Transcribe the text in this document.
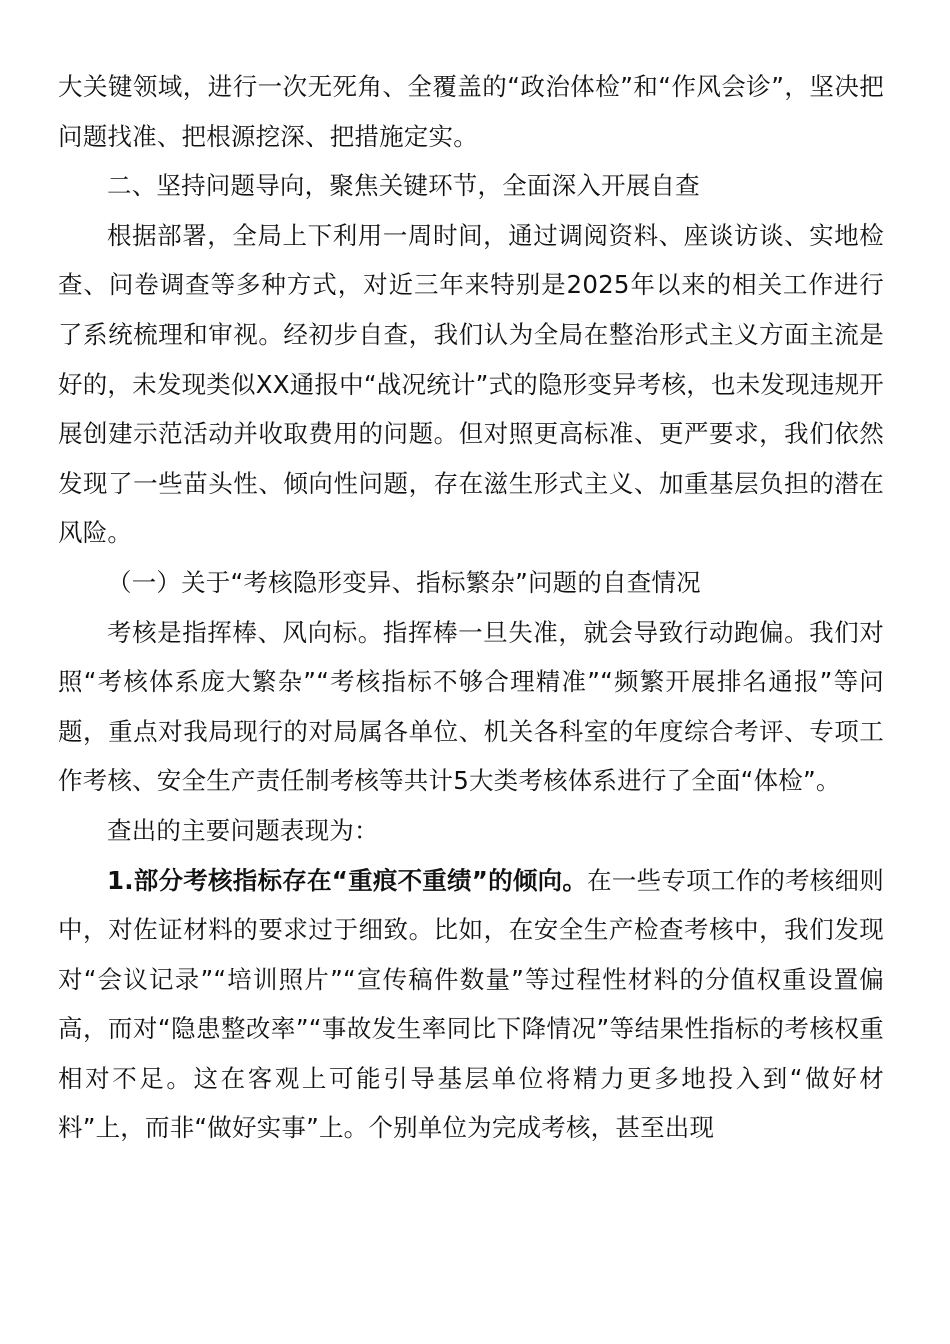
大关键领域，进行一次无死角、全覆盖的“政治体检”和“作风会诊”，坚决把问题找准、把根源挖深、把措施定实。

二、坚持问题导向，聚焦关键环节，全面深入开展自查

根据部署，全局上下利用一周时间，通过调阅资料、座谈访谈、实地检查、问卷调查等多种方式，对近三年来特别是2025年以来的相关工作进行了系统梳理和审视。经初步自查，我们认为全局在整治形式主义方面主流是好的，未发现类似XX通报中“战况统计”式的隐形变异考核，也未发现违规开展创建示范活动并收取费用的问题。但对照更高标准、更严要求，我们依然发现了一些苗头性、倾向性问题，存在滋生形式主义、加重基层负担的潜在风险。

（一）关于“考核隐形变异、指标繁杂”问题的自查情况

考核是指挥棒、风向标。指挥棒一旦失准，就会导致行动跑偏。我们对照“考核体系庞大繁杂”“考核指标不够合理精准”“频繁开展排名通报”等问题，重点对我局现行的对局属各单位、机关各科室的年度综合考评、专项工作考核、安全生产责任制考核等共计5大类考核体系进行了全面“体检”。

查出的主要问题表现为：

1.部分考核指标存在“重痕不重绩”的倾向。在一些专项工作的考核细则中，对佐证材料的要求过于细致。比如，在安全生产检查考核中，我们发现对“会议记录”“培训照片”“宣传稿件数量”等过程性材料的分值权重设置偏高，而对“隐患整改率”“事故发生率同比下降情况”等结果性指标的考核权重相对不足。这在客观上可能引导基层单位将精力更多地投入到“做好材料”上，而非“做好实事”上。个别单位为完成考核，甚至出现
